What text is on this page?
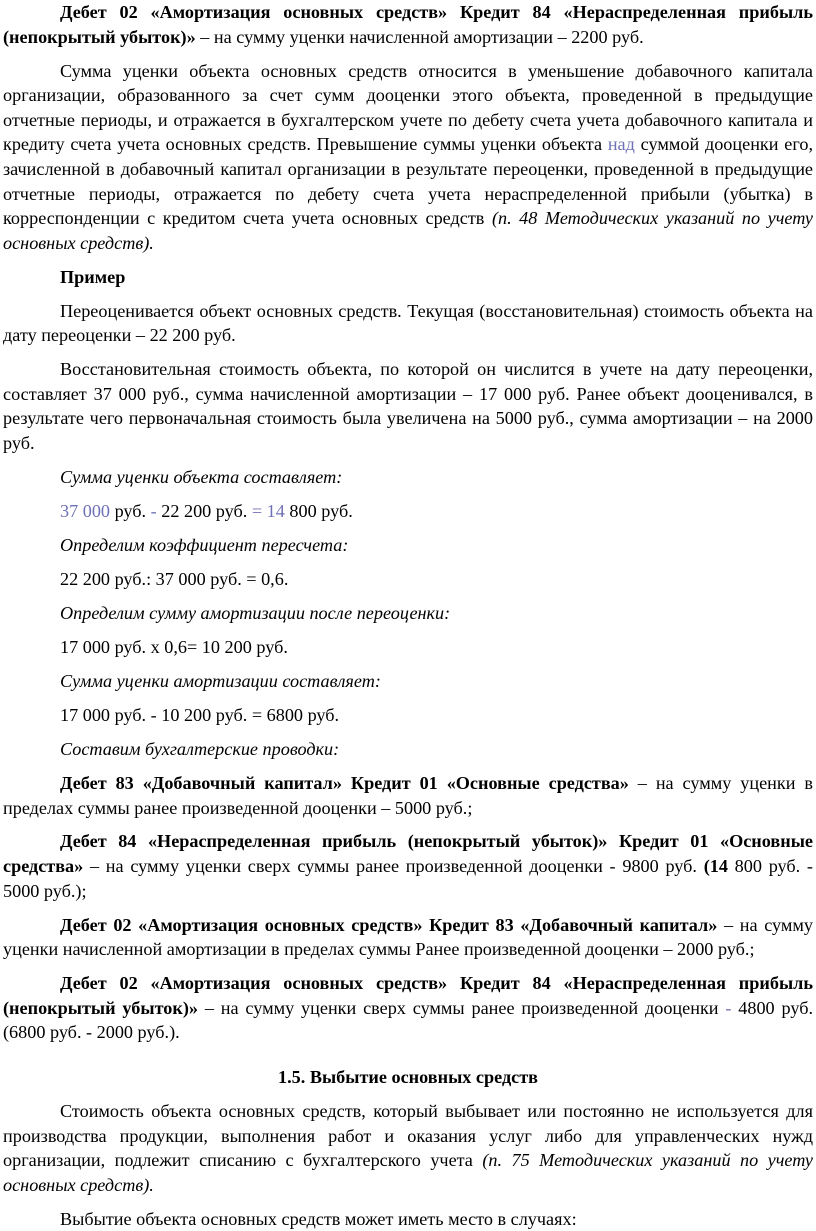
Дебет 02 «Амортизация основных средств» Кредит 84 «Нераспределенная прибыль (непокрытый убыток)» – на сумму уценки начисленной амортизации – 2200 руб.

Сумма уценки объекта основных средств относится в уменьшение добавочного капитала организации, образованного за счет сумм дооценки этого объекта, проведенной в предыдущие отчетные периоды, и отражается в бухгалтерском учете по дебету счета учета добавочного капитала и кредиту счета учета основных средств. Превышение суммы уценки объекта над суммой дооценки его, зачисленной в добавочный капитал организации в результате переоценки, проведенной в предыдущие отчетные периоды, отражается по дебету счета учета нераспределенной прибыли (убытка) в корреспонденции с кредитом счета учета основных средств (п. 48 Методических указаний по учету основных средств).

Пример

Переоценивается объект основных средств. Текущая (восстановительная) стоимость объекта на дату переоценки – 22 200 руб.

Восстановительная стоимость объекта, по которой он числится в учете на дату переоценки, составляет 37 000 руб., сумма начисленной амортизации – 17 000 руб. Ранее объект дооценивался, в результате чего первоначальная стоимость была увеличена на 5000 руб., сумма амортизации – на 2000 руб.

Сумма уценки объекта составляет:

37 000 руб. - 22 200 руб. = 14 800 руб.

Определим коэффициент пересчета:

22 200 руб.: 37 000 руб. = 0,6.

Определим сумму амортизации после переоценки:

17 000 руб. х 0,6= 10 200 руб.

Сумма уценки амортизации составляет:

17 000 руб. - 10 200 руб. = 6800 руб.

Составим бухгалтерские проводки:

Дебет 83 «Добавочный капитал» Кредит 01 «Основные средства» – на сумму уценки в пределах суммы ранее произведенной дооценки – 5000 руб.;

Дебет 84 «Нераспределенная прибыль (непокрытый убыток)» Кредит 01 «Основные средства» – на сумму уценки сверх суммы ранее произведенной дооценки - 9800 руб. (14 800 руб. - 5000 руб.);

Дебет 02 «Амортизация основных средств» Кредит 83 «Добавочный капитал» – на сумму уценки начисленной амортизации в пределах суммы Ранее произведенной дооценки – 2000 руб.;

Дебет 02 «Амортизация основных средств» Кредит 84 «Нераспределенная прибыль (непокрытый убыток)» – на сумму уценки сверх суммы ранее произведенной дооценки - 4800 руб. (6800 руб. - 2000 руб.).

1.5. Выбытие основных средств

Стоимость объекта основных средств, который выбывает или постоянно не используется для производства продукции, выполнения работ и оказания услуг либо для управленческих нужд организации, подлежит списанию с бухгалтерского учета (п. 75 Методических указаний по учету основных средств).

Выбытие объекта основных средств может иметь место в случаях:
